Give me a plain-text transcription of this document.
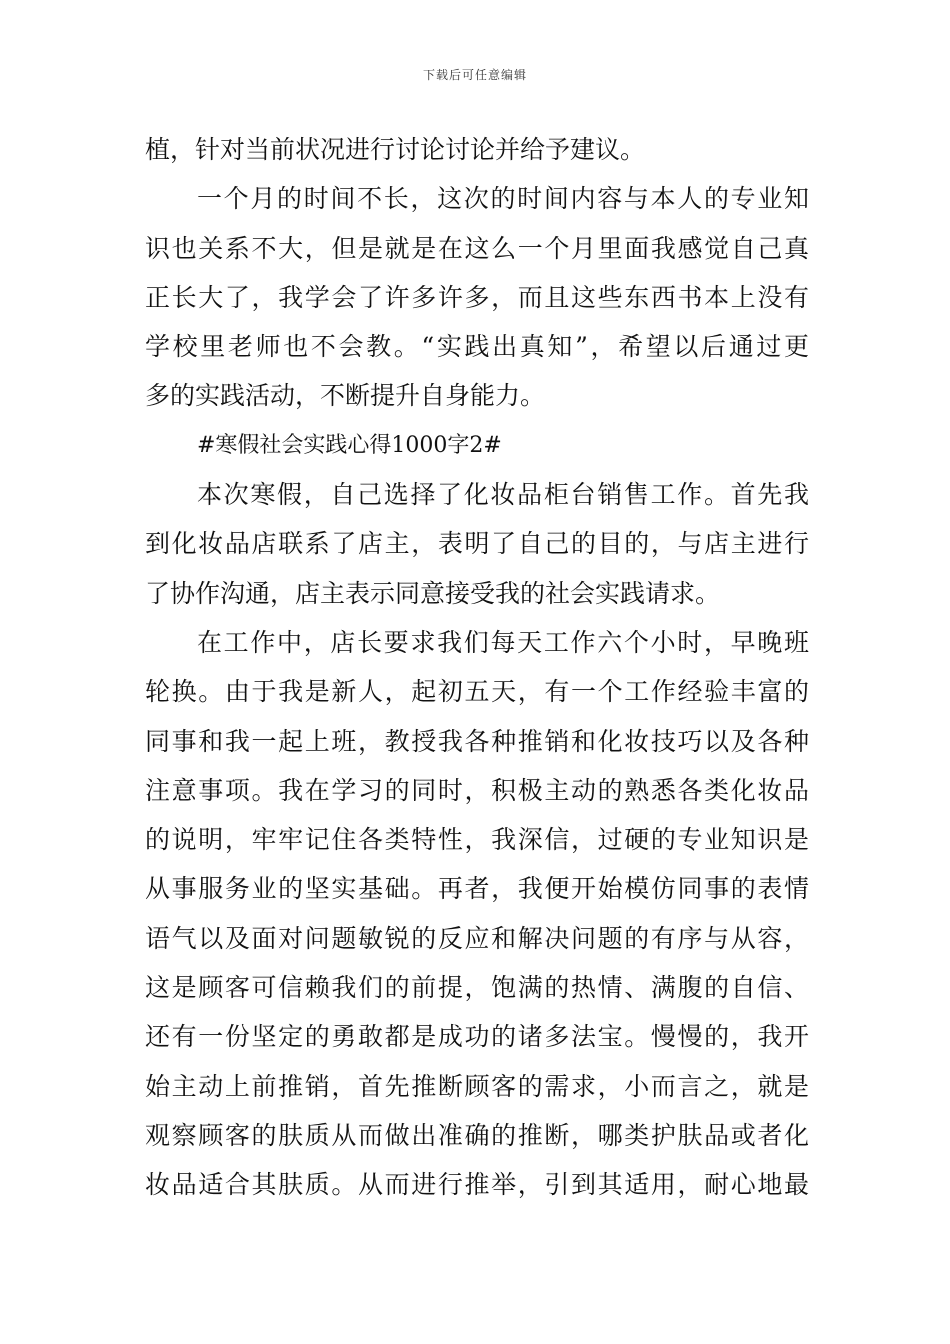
下载后可任意编辑
植，针对当前状况进行讨论讨论并给予建议。
一个月的时间不长，这次的时间内容与本人的专业知
识也关系不大，但是就是在这么一个月里面我感觉自己真
正长大了，我学会了许多许多，而且这些东西书本上没有
学校里老师也不会教。“实践出真知”，希望以后通过更
多的实践活动，不断提升自身能力。
#寒假社会实践心得1000字2#
本次寒假，自己选择了化妆品柜台销售工作。首先我
到化妆品店联系了店主，表明了自己的目的，与店主进行
了协作沟通，店主表示同意接受我的社会实践请求。
在工作中，店长要求我们每天工作六个小时，早晚班
轮换。由于我是新人，起初五天，有一个工作经验丰富的
同事和我一起上班，教授我各种推销和化妆技巧以及各种
注意事项。我在学习的同时，积极主动的熟悉各类化妆品
的说明，牢牢记住各类特性，我深信，过硬的专业知识是
从事服务业的坚实基础。再者，我便开始模仿同事的表情
语气以及面对问题敏锐的反应和解决问题的有序与从容，
这是顾客可信赖我们的前提，饱满的热情、满腹的自信、
还有一份坚定的勇敢都是成功的诸多法宝。慢慢的，我开
始主动上前推销，首先推断顾客的需求，小而言之，就是
观察顾客的肤质从而做出准确的推断，哪类护肤品或者化
妆品适合其肤质。从而进行推举，引到其适用，耐心地最
